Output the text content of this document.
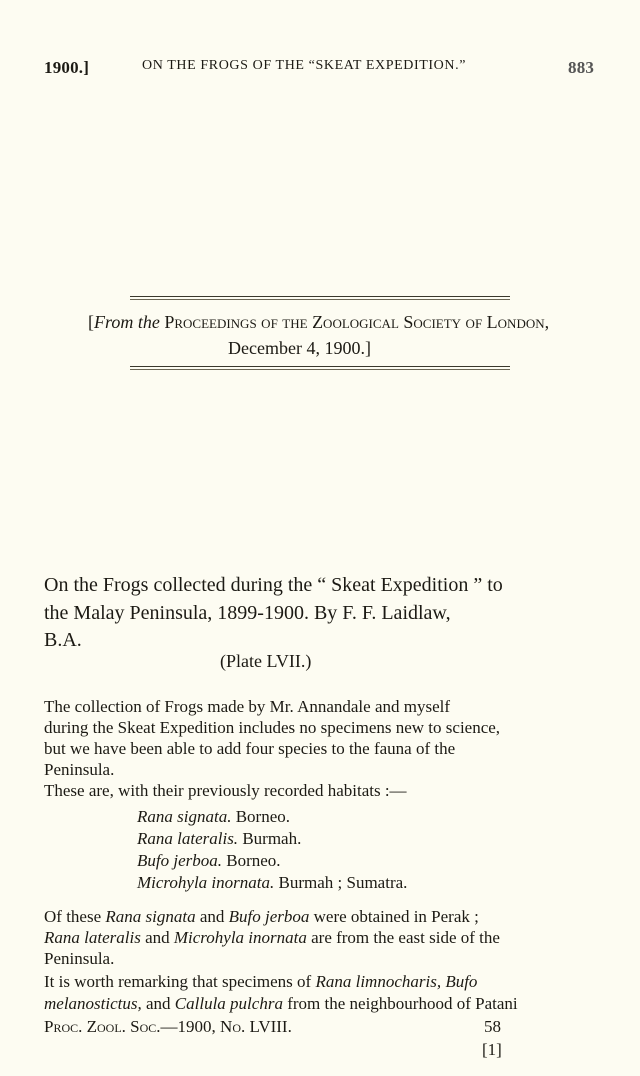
1900.]	ON THE FROGS OF THE “SKEAT EXPEDITION.”	883
[From the Proceedings of the Zoological Society of London,
December 4, 1900.]
On the Frogs collected during the “ Skeat Expedition ” to
the Malay Peninsula, 1899-1900. By F. F. Laidlaw,
B.A.
(Plate LVII.)
The collection of Frogs made by Mr. Annandale and myself
during the Skeat Expedition includes no specimens new to science,
but we have been able to add four species to the fauna of the
Peninsula.
These are, with their previously recorded habitats :—
Rana signata. Borneo.
Rana lateralis. Burmah.
Bufo jerboa. Borneo.
Microhyla inornata. Burmah ; Sumatra.
Of these Rana signata and Bufo jerboa were obtained in Perak ;
Rana lateralis and Microhyla inornata are from the east side of the
Peninsula.
It is worth remarking that specimens of Rana limnocharis, Bufo
melanostictus, and Callula pulchra from the neighbourhood of Patani
Proc. Zool. Soc.—1900, No. LVIII.	58
[1]
